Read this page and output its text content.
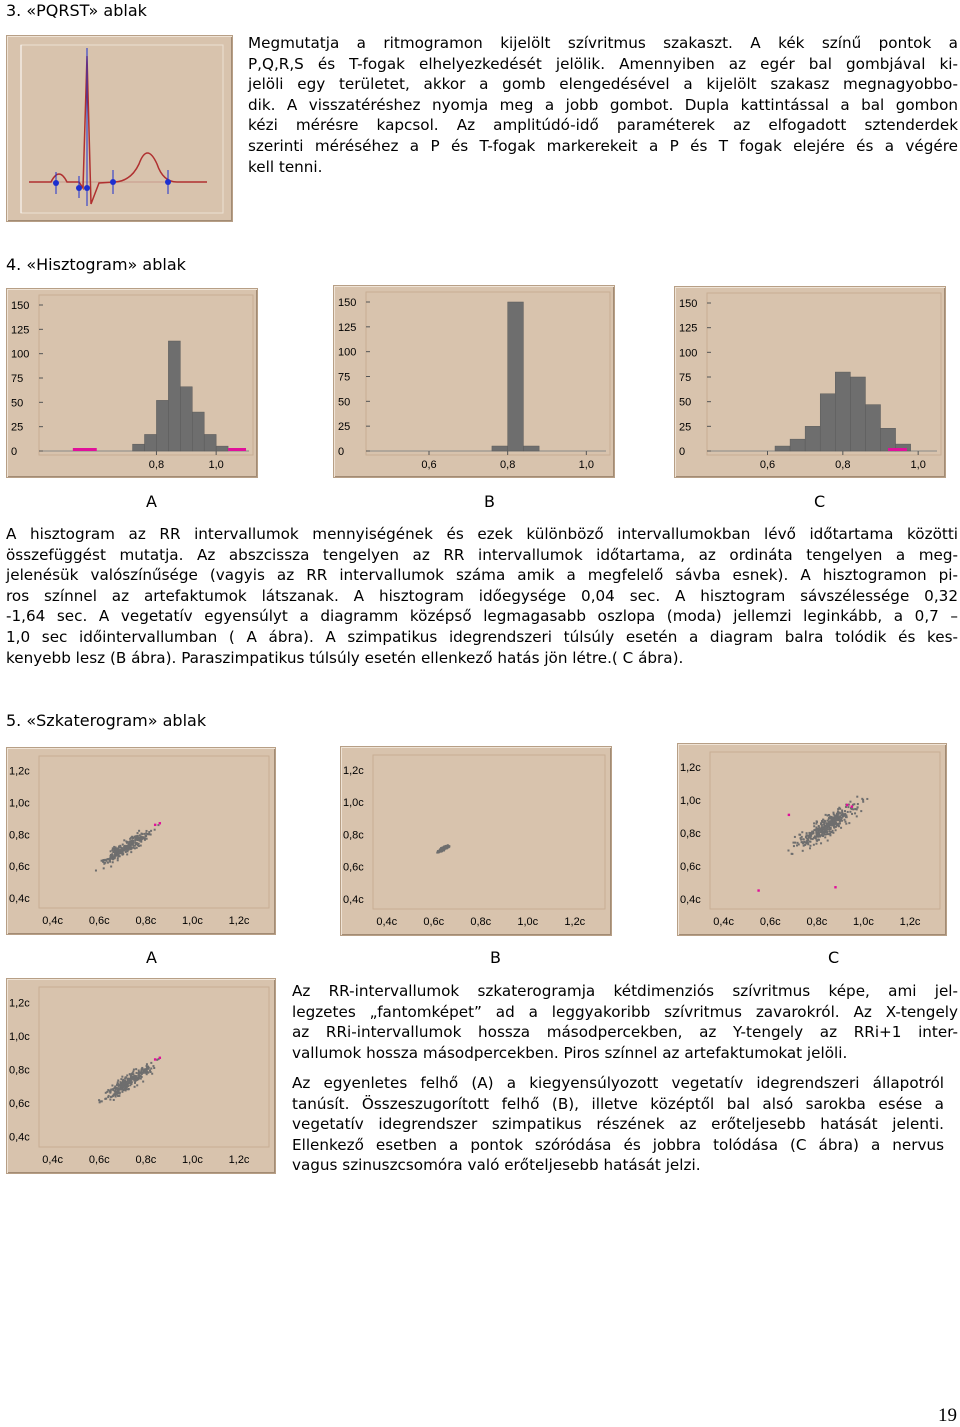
3. «PQRST» ablak
Megmutatja a ritmogramon kijelölt szívritmus szakaszt. A kék színű pontok a
P,Q,R,S és T-fogak elhelyezkedését jelölik. Amennyiben az egér bal gombjával ki-
jelöli egy területet, akkor a gomb elengedésével a kijelölt szakasz megnagyobbo-
dik. A visszatéréshez nyomja meg a jobb gombot. Dupla kattintással a bal gombon
kézi mérésre kapcsol. Az amplitúdó-idő paraméterek az elfogadott sztenderdek
szerinti méréséhez a P és T-fogak markerekeit a P és T fogak elejére és a végére
kell tenni.
4. «Hisztogram» ablak
0
25
50
75
100
125
150
0,8	1,0
0
25
50
75
100
125
150
0,6	0,8	1,0
0
25
50
75
100
125
150
0,6	0,8	1,0
A	B	C
A hisztogram az RR intervallumok mennyiségének és ezek különböző intervallumokban lévő időtartama közötti
összefüggést mutatja. Az abszcissza tengelyen az RR intervallumok időtartama, az ordináta tengelyen a meg-
jelenésük valószínűsége (vagyis az RR intervallumok száma amik a megfelelő sávba esnek). A hisztogramon pi-
ros színnel az artefaktumok látszanak. A hisztogram időegysége 0,04 sec. A hisztogram sávszélessége 0,32
-1,64 sec. A vegetatív egyensúlyt a diagramm középső legmagasabb oszlopa (moda) jellemzi leginkább, a 0,7 –
1,0 sec időintervallumban ( A ábra). A szimpatikus idegrendszeri túlsúly esetén a diagram balra tolódik és kes-
kenyebb lesz (B ábra). Paraszimpatikus túlsúly esetén ellenkező hatás jön létre.( C ábra).
5. «Szkaterogram» ablak
1,2c
1,0c
0,8c
0,6c
0,4c
0,4c 0,6c 0,8c 1,0c 1,2c
1,2c
1,0c
0,8c
0,6c
0,4c
0,4c 0,6c 0,8c 1,0c 1,2c
1,2c
1,0c
0,8c
0,6c
0,4c
0,4c 0,6c 0,8c 1,0c 1,2c
A	B	C
1,2c
1,0c
0,8c
0,6c
0,4c
0,4c 0,6c 0,8c 1,0c 1,2c
Az RR-intervallumok szkaterogramja kétdimenziós szívritmus képe, ami jel-
legzetes „fantomképet” ad a leggyakoribb szívritmus zavarokról. Az X-tengely
az RRi-intervallumok hossza másodpercekben, az Y-tengely az RRi+1 inter-
vallumok hossza másodpercekben. Piros színnel az artefaktumokat jelöli.
Az egyenletes felhő (A) a kiegyensúlyozott vegetatív idegrendszeri állapotról
tanúsít. Összeszugorított felhő (B), illetve középtől bal alsó sarokba esése a
vegetatív idegrendszer szimpatikus részének az erőteljesebb hatását jelenti.
Ellenkező esetben a pontok szóródása és jobbra tolódása (C ábra) a nervus
vagus szinuszcsomóra való erőteljesebb hatását jelzi.
19
